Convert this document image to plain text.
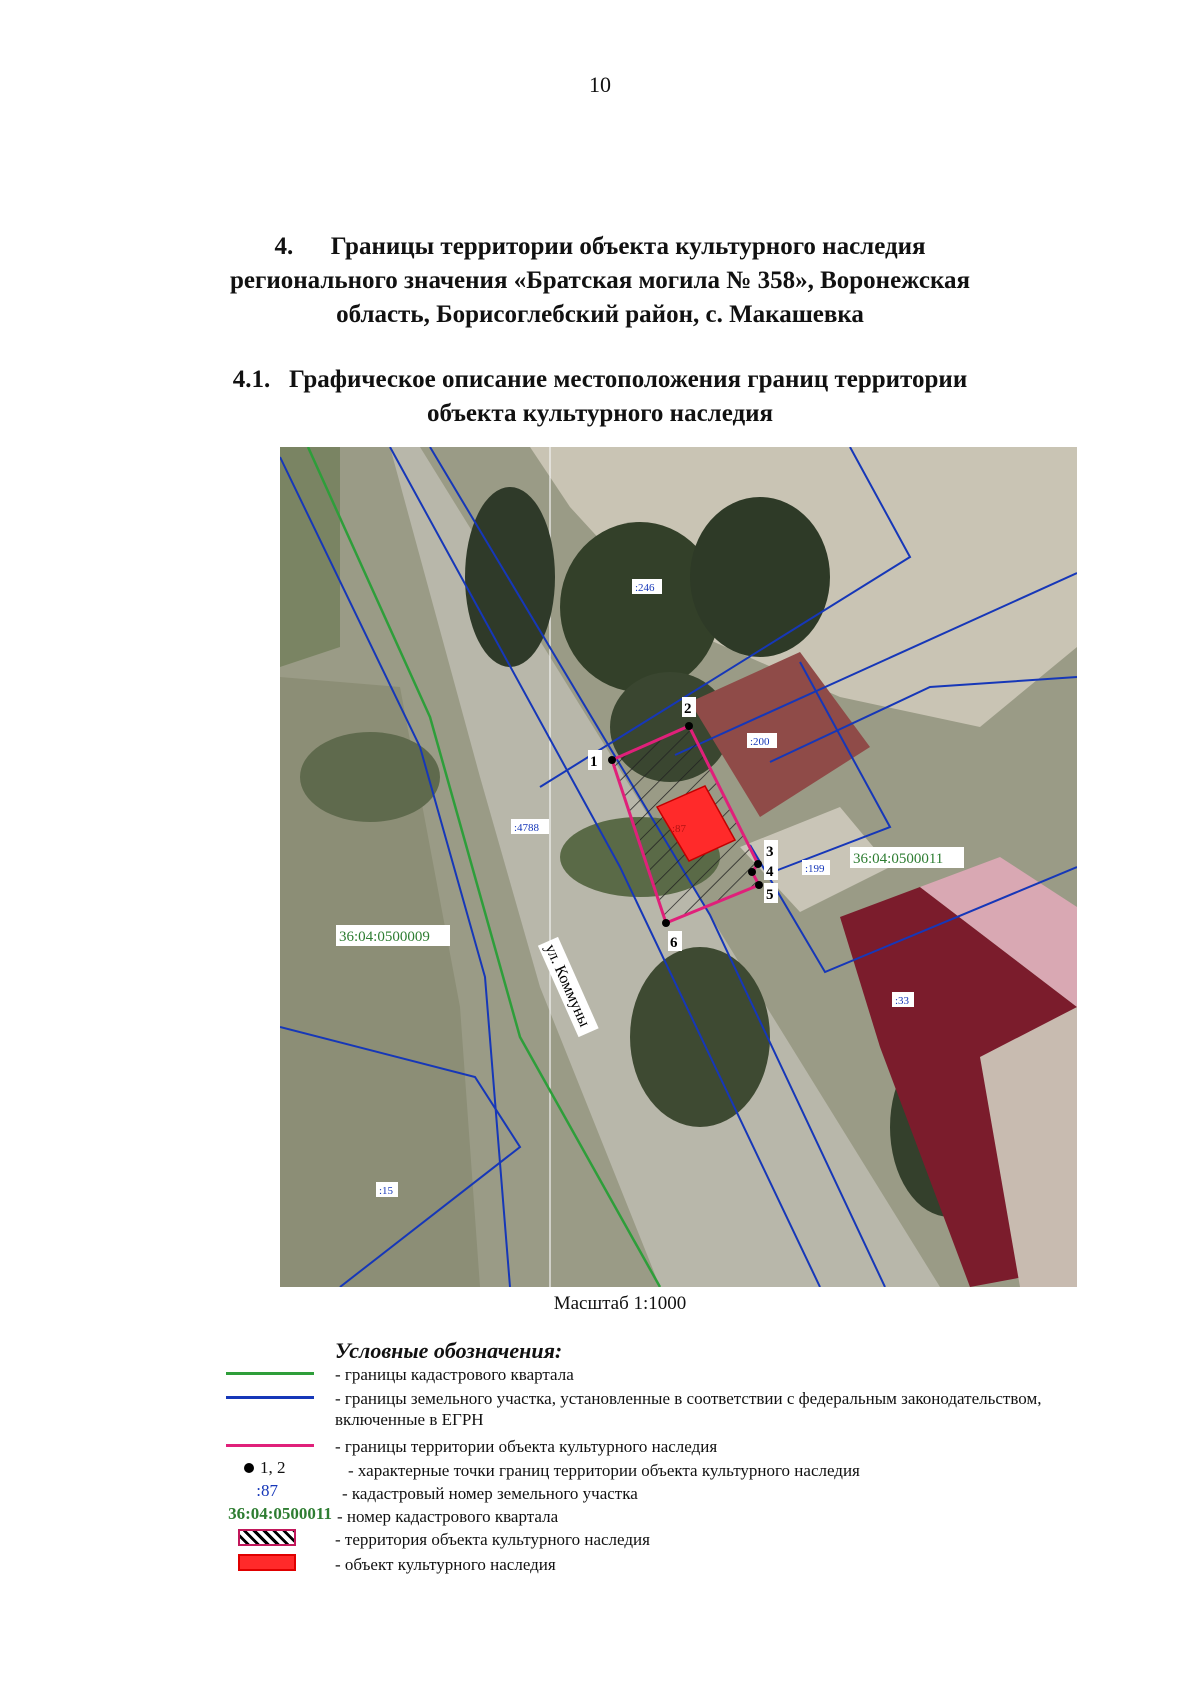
10
4. Границы территории объекта культурного наследия
регионального значения «Братская могила № 358», Воронежская
область, Борисоглебский район, с. Макашевка
4.1. Графическое описание местоположения границ территории
объекта культурного наследия
1
2
3
4
5
6
:246
:200
:4788	:87
:199
:33
:15
36:04:0500009
36:04:0500011
ул. Коммуны
Масштаб 1:1000
Условные обозначения:
- границы кадастрового квартала
- границы земельного участка, установленные в соответствии с федеральным законодательством, включенные в ЕГРН
- границы территории объекта культурного наследия
1, 2	- характерные точки границ территории объекта культурного наследия
:87	- кадастровый номер земельного участка
36:04:0500011 - номер кадастрового квартала
- территория объекта культурного наследия
- объект культурного наследия
